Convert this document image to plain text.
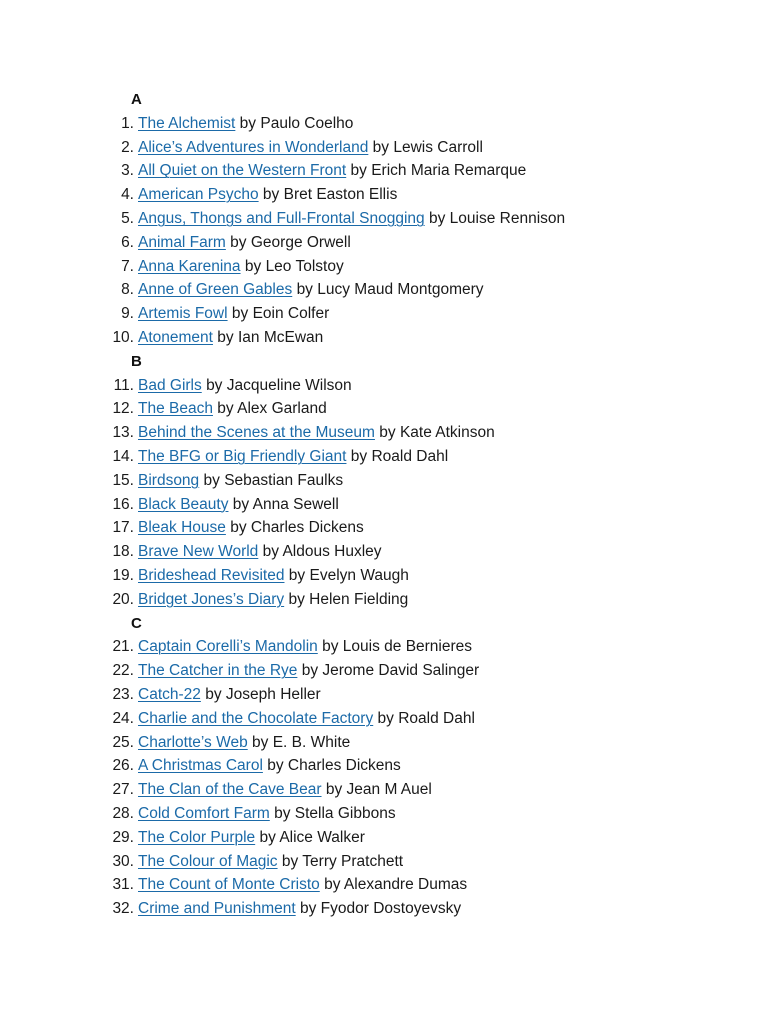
A
1. The Alchemist by Paulo Coelho
2. Alice’s Adventures in Wonderland by Lewis Carroll
3. All Quiet on the Western Front by Erich Maria Remarque
4. American Psycho by Bret Easton Ellis
5. Angus, Thongs and Full-Frontal Snogging by Louise Rennison
6. Animal Farm by George Orwell
7. Anna Karenina by Leo Tolstoy
8. Anne of Green Gables by Lucy Maud Montgomery
9. Artemis Fowl by Eoin Colfer
10. Atonement by Ian McEwan
B
11. Bad Girls by Jacqueline Wilson
12. The Beach by Alex Garland
13. Behind the Scenes at the Museum by Kate Atkinson
14. The BFG or Big Friendly Giant by Roald Dahl
15. Birdsong by Sebastian Faulks
16. Black Beauty by Anna Sewell
17. Bleak House by Charles Dickens
18. Brave New World by Aldous Huxley
19. Brideshead Revisited by Evelyn Waugh
20. Bridget Jones’s Diary by Helen Fielding
C
21. Captain Corelli’s Mandolin by Louis de Bernieres
22. The Catcher in the Rye by Jerome David Salinger
23. Catch-22 by Joseph Heller
24. Charlie and the Chocolate Factory by Roald Dahl
25. Charlotte’s Web by E. B. White
26. A Christmas Carol by Charles Dickens
27. The Clan of the Cave Bear by Jean M Auel
28. Cold Comfort Farm by Stella Gibbons
29. The Color Purple by Alice Walker
30. The Colour of Magic by Terry Pratchett
31. The Count of Monte Cristo by Alexandre Dumas
32. Crime and Punishment by Fyodor Dostoyevsky
